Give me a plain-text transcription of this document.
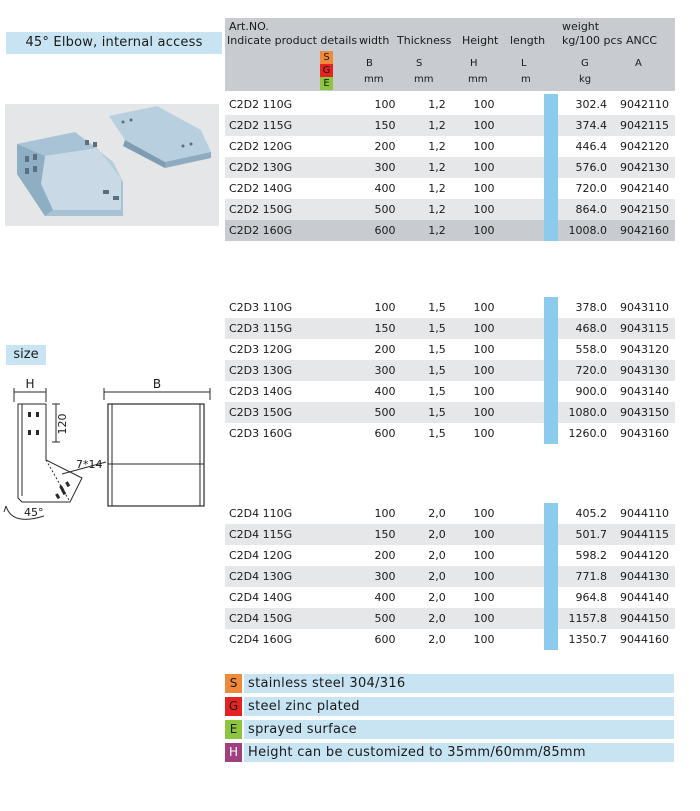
45° Elbow, internal access
size
H	B
120
7*14
45°
Art.NO.
Indicate product details width Thickness Height length
weight
kg/100 pcs ANCC
B	S	H	L	G	A
mm	mm	mm	m	kg
S
G
E
C2D2 110G	100	1,2	100	302.4 9042110
C2D2 115G	150	1,2	100	374.4 9042115
C2D2 120G	200	1,2	100	446.4 9042120
C2D2 130G	300	1,2	100	576.0 9042130
C2D2 140G	400	1,2	100	720.0 9042140
C2D2 150G	500	1,2	100	864.0 9042150
C2D2 160G	600	1,2	100	1008.0 9042160
C2D3 110G	100	1,5	100	378.0 9043110
C2D3 115G	150	1,5	100	468.0 9043115
C2D3 120G	200	1,5	100	558.0 9043120
C2D3 130G	300	1,5	100	720.0 9043130
C2D3 140G	400	1,5	100	900.0 9043140
C2D3 150G	500	1,5	100	1080.0 9043150
C2D3 160G	600	1,5	100	1260.0 9043160
C2D4 110G	100	2,0	100	405.2 9044110
C2D4 115G	150	2,0	100	501.7 9044115
C2D4 120G	200	2,0	100	598.2 9044120
C2D4 130G	300	2,0	100	771.8 9044130
C2D4 140G	400	2,0	100	964.8 9044140
C2D4 150G	500	2,0	100	1157.8 9044150
C2D4 160G	600	2,0	100	1350.7 9044160
S stainless steel 304/316
G steel zinc plated
E sprayed surface
H Height can be customized to 35mm/60mm/85mm
